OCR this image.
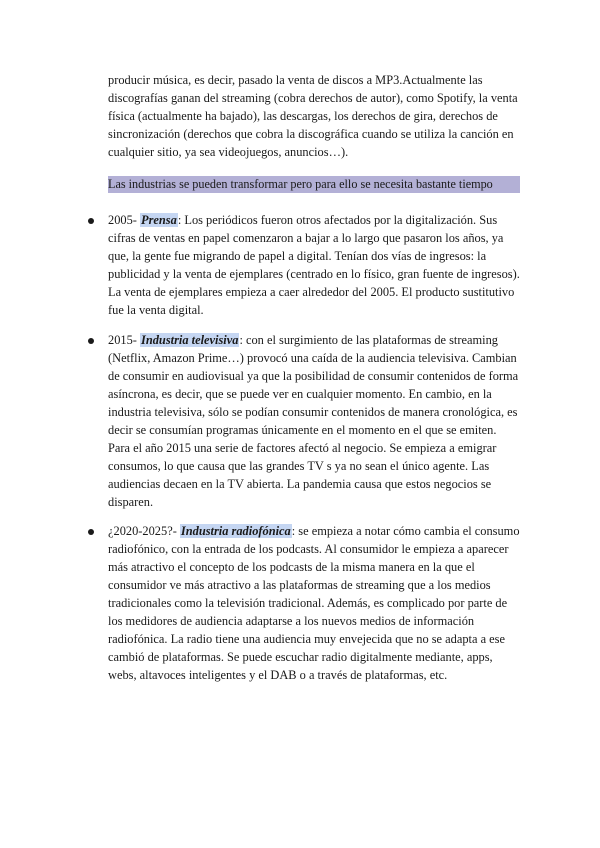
producir música, es decir, pasado la venta de discos a MP3.Actualmente las discografías ganan del streaming (cobra derechos de autor), como Spotify, la venta física (actualmente ha bajado), las descargas, los derechos de gira, derechos de sincronización (derechos que cobra la discográfica cuando se utiliza la canción en cualquier sitio, ya sea videojuegos, anuncios…).

Las industrias se pueden transformar pero para ello se necesita bastante tiempo

2005- Prensa: Los periódicos fueron otros afectados por la digitalización. Sus cifras de ventas en papel comenzaron a bajar a lo largo que pasaron los años, ya que, la gente fue migrando de papel a digital. Tenían dos vías de ingresos: la publicidad y la venta de ejemplares (centrado en lo físico, gran fuente de ingresos). La venta de ejemplares empieza a caer alrededor del 2005. El producto sustitutivo fue la venta digital.

2015- Industria televisiva: con el surgimiento de las plataformas de streaming (Netflix, Amazon Prime…) provocó una caída de la audiencia televisiva. Cambian de consumir en audiovisual ya que la posibilidad de consumir contenidos de forma asíncrona, es decir, que se puede ver en cualquier momento. En cambio, en la industria televisiva, sólo se podían consumir contenidos de manera cronológica, es decir se consumían programas únicamente en el momento en el que se emiten. Para el año 2015 una serie de factores afectó al negocio. Se empieza a emigrar consumos, lo que causa que las grandes TV s ya no sean el único agente. Las audiencias decaen en la TV abierta. La pandemia causa que estos negocios se disparen.

¿2020-2025?- Industria radiofónica: se empieza a notar cómo cambia el consumo radiofónico, con la entrada de los podcasts. Al consumidor le empieza a aparecer más atractivo el concepto de los podcasts de la misma manera en la que el consumidor ve más atractivo a las plataformas de streaming que a los medios tradicionales como la televisión tradicional. Además, es complicado por parte de los medidores de audiencia adaptarse a los nuevos medios de información radiofónica. La radio tiene una audiencia muy envejecida que no se adapta a ese cambió de plataformas. Se puede escuchar radio digitalmente mediante, apps, webs, altavoces inteligentes y el DAB o a través de plataformas, etc.
